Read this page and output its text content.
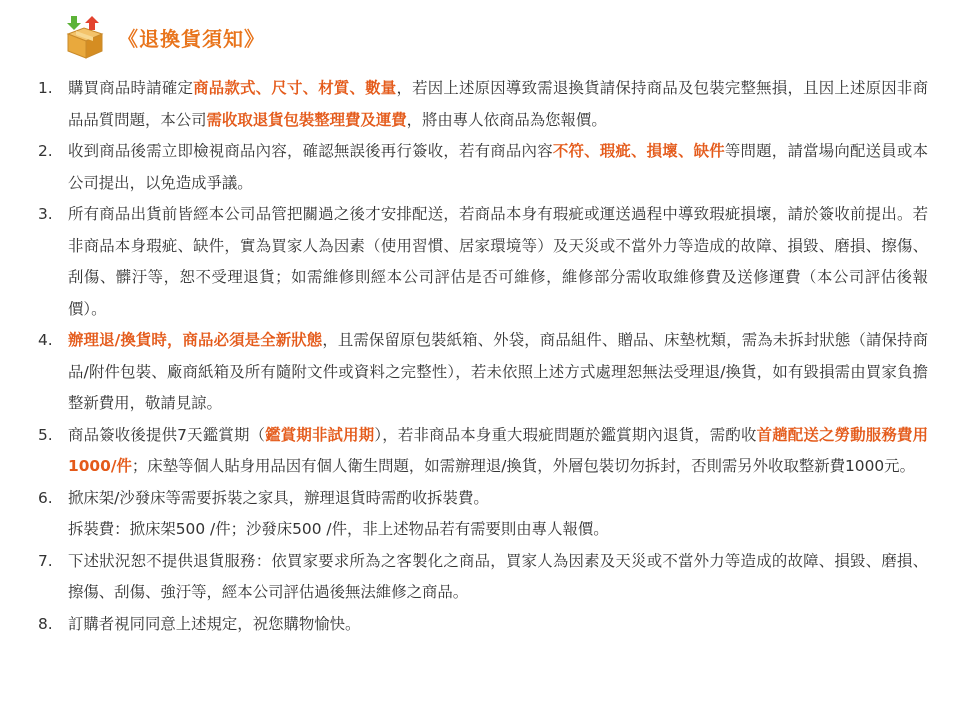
《退換貨須知》
1. 購買商品時請確定商品款式、尺寸、材質、數量，若因上述原因導致需退換貨請保持商品及包裝完整無損，且因上述原因非商品品質問題，本公司需收取退貨包裝整理費及運費，將由專人依商品為您報價。
2. 收到商品後需立即檢視商品內容，確認無誤後再行簽收，若有商品內容不符、瑕疵、損壞、缺件等問題，請當場向配送員或本公司提出，以免造成爭議。
3. 所有商品出貨前皆經本公司品管把關過之後才安排配送，若商品本身有瑕疵或運送過程中導致瑕疵損壞，請於簽收前提出。若非商品本身瑕疵、缺件，實為買家人為因素（使用習慣、居家環境等）及天災或不當外力等造成的故障、損毀、磨損、擦傷、刮傷、髒汙等，恕不受理退貨；如需維修則經本公司評估是否可維修，維修部分需收取維修費及送修運費（本公司評估後報價）。
4. 辦理退/換貨時，商品必須是全新狀態，且需保留原包裝紙箱、外袋，商品組件、贈品、床墊枕類，需為未拆封狀態（請保持商品/附件包裝、廠商紙箱及所有隨附文件或資料之完整性），若未依照上述方式處理恕無法受理退/換貨，如有毀損需由買家負擔整新費用，敬請見諒。
5. 商品簽收後提供7天鑑賞期（鑑賞期非試用期），若非商品本身重大瑕疵問題於鑑賞期內退貨，需酌收首趟配送之勞動服務費用1000/件；床墊等個人貼身用品因有個人衛生問題，如需辦理退/換貨，外層包裝切勿拆封，否則需另外收取整新費1000元。
6. 掀床架/沙發床等需要拆裝之家具，辦理退貨時需酌收拆裝費。
拆裝費：掀床架500 /件；沙發床500 /件，非上述物品若有需要則由專人報價。
7. 下述狀況恕不提供退貨服務：依買家要求所為之客製化之商品，買家人為因素及天災或不當外力等造成的故障、損毀、磨損、擦傷、刮傷、強汙等，經本公司評估過後無法維修之商品。
8. 訂購者視同同意上述規定，祝您購物愉快。
